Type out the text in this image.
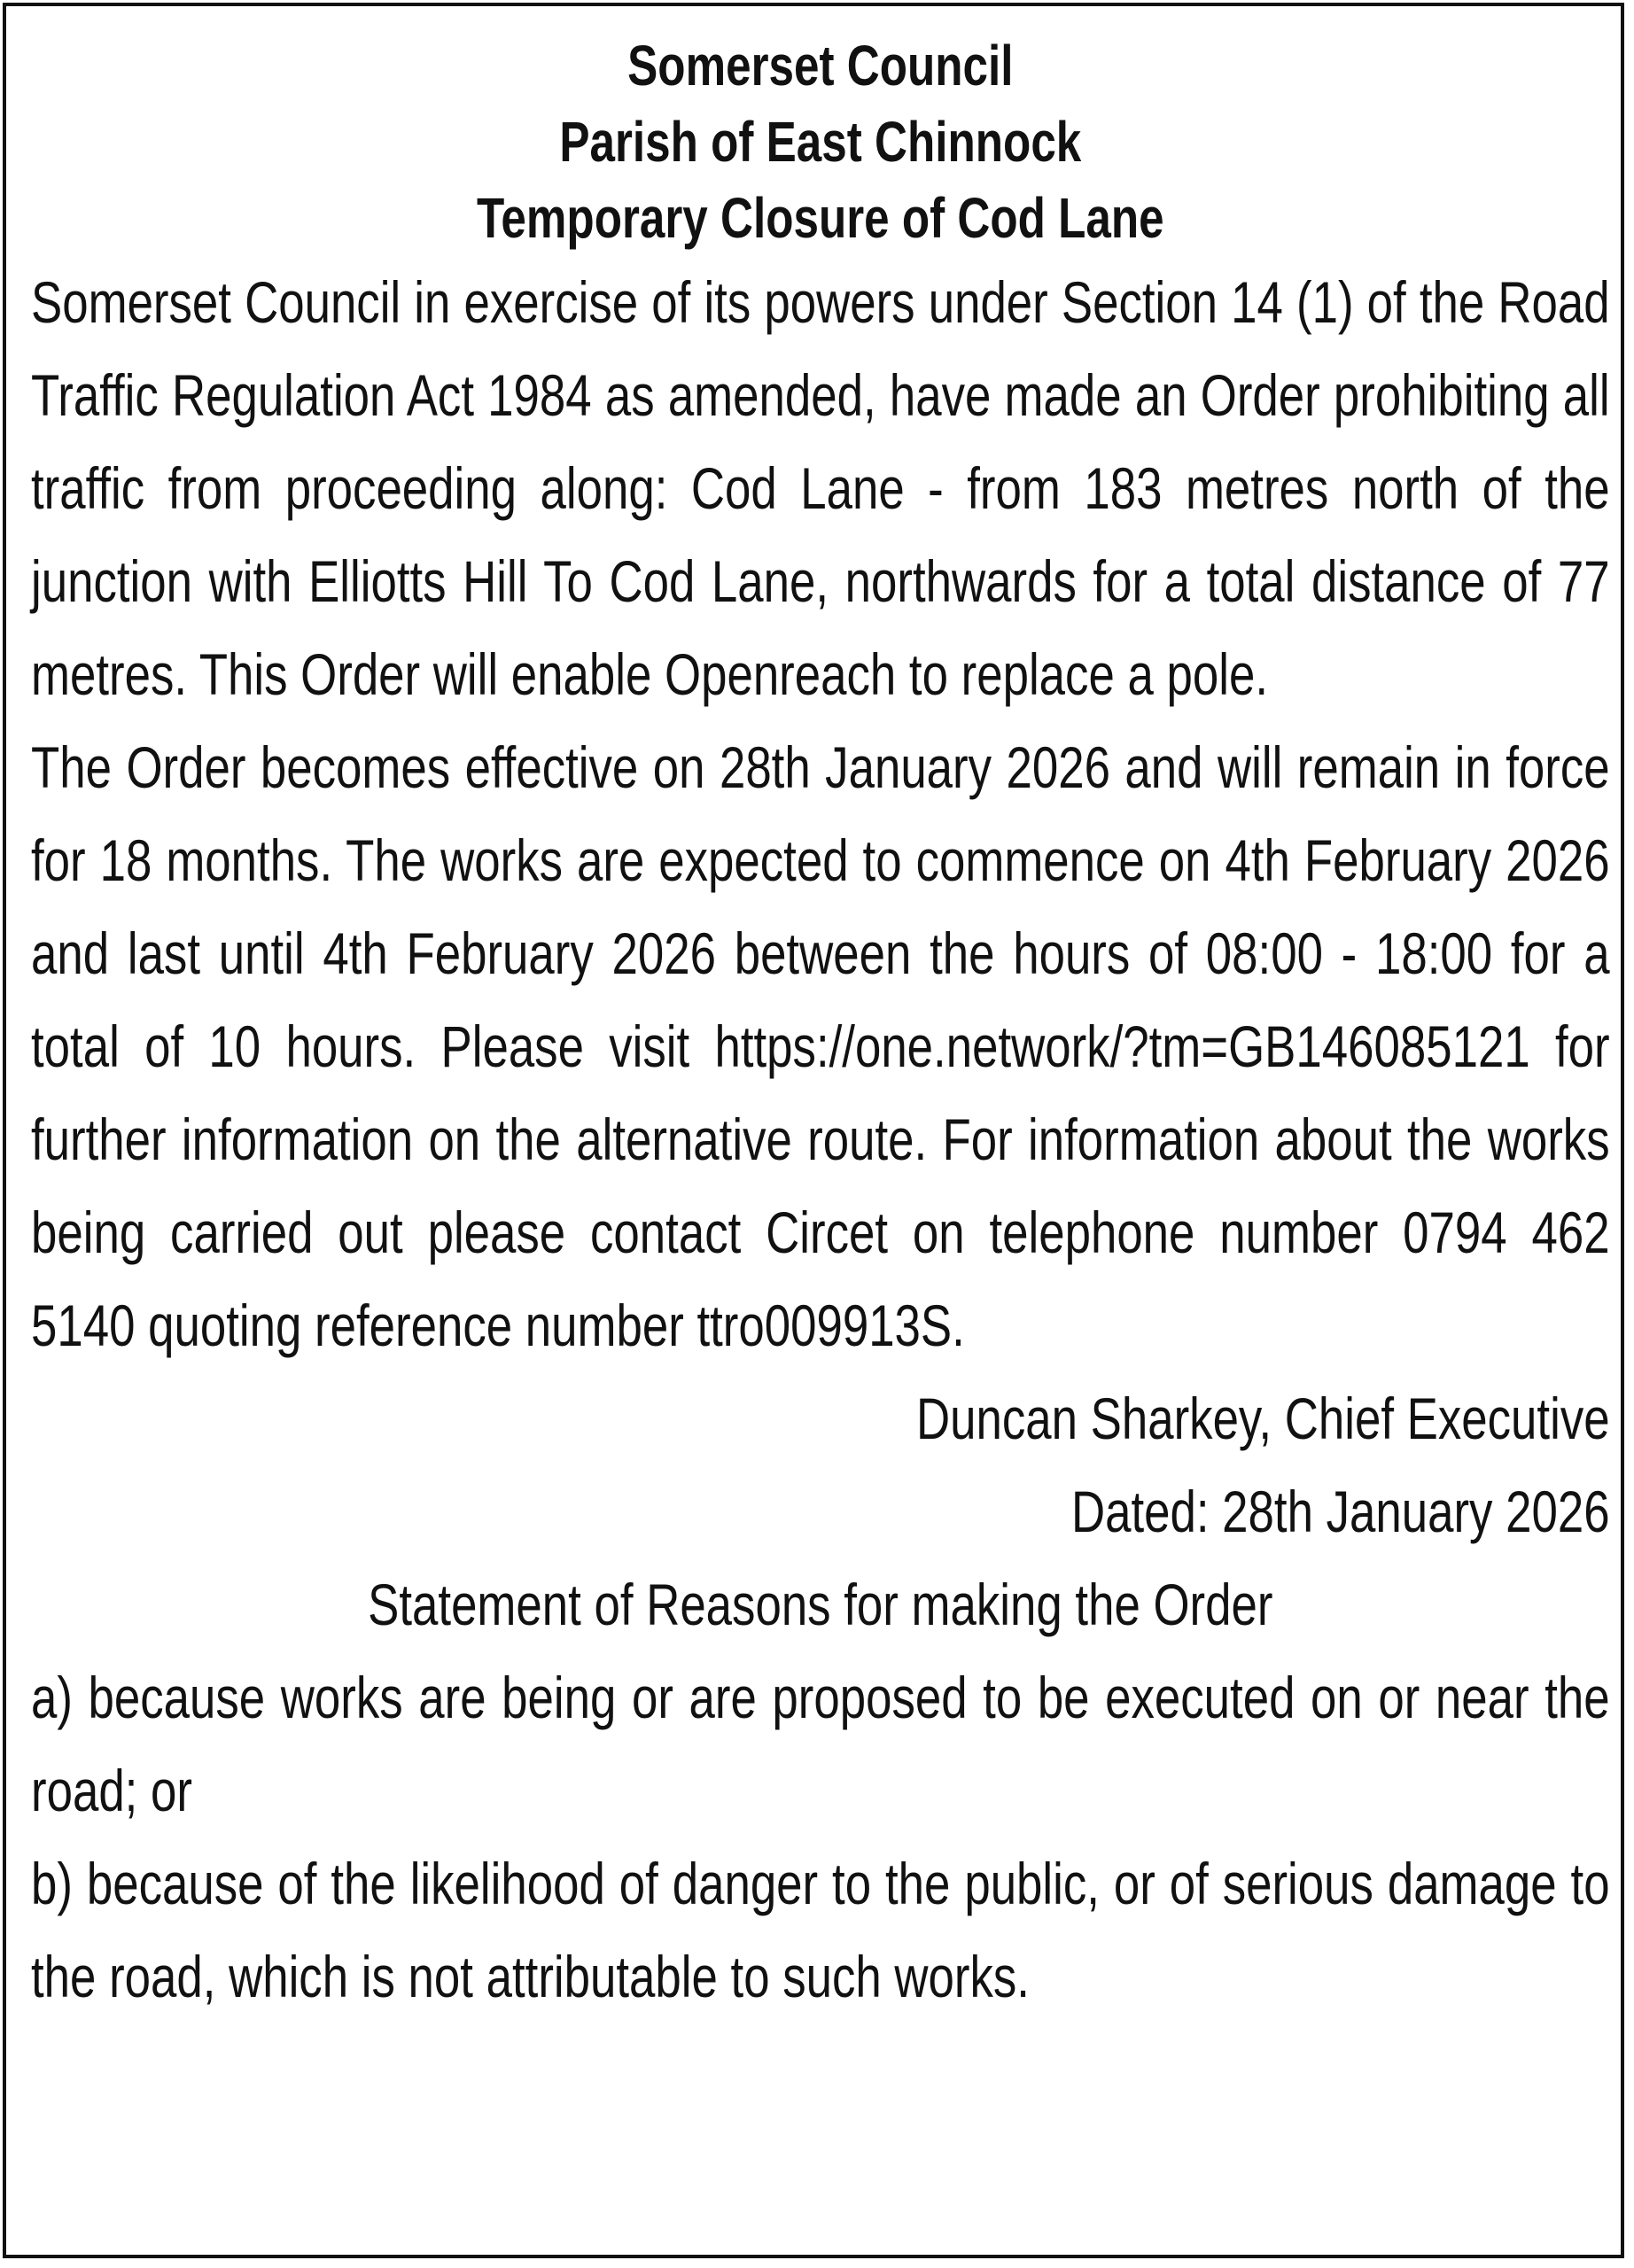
Somerset Council

Parish of East Chinnock

Temporary Closure of Cod Lane

Somerset Council in exercise of its powers under Section 14 (1) of the Road Traffic Regulation Act 1984 as amended, have made an Order prohibiting all traffic from proceeding along: Cod Lane - from 183 metres north of the junction with Elliotts Hill To Cod Lane, northwards for a total distance of 77 metres. This Order will enable Openreach to replace a pole.

The Order becomes effective on 28th January 2026 and will remain in force for 18 months. The works are expected to commence on 4th February 2026 and last until 4th February 2026 between the hours of 08:00 - 18:00 for a total of 10 hours. Please visit https://one.network/?tm=GB146085121 for further information on the alternative route. For information about the works being carried out please contact Circet on telephone number 0794 462 5140 quoting reference number ttro009913S.

Duncan Sharkey, Chief Executive

Dated: 28th January 2026

Statement of Reasons for making the Order

a) because works are being or are proposed to be executed on or near the road; or

b) because of the likelihood of danger to the public, or of serious damage to the road, which is not attributable to such works.
